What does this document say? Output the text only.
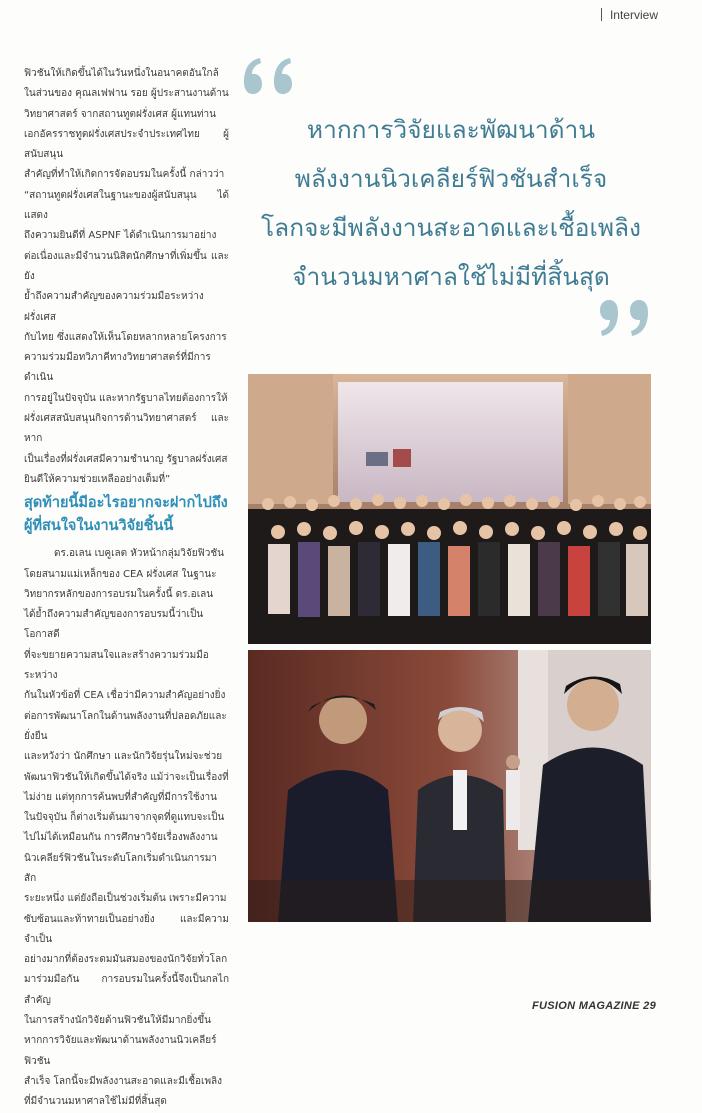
Interview

ฟิวชันให้เกิดขึ้นได้ในวันหนึ่งในอนาคตอันใกล้

ในส่วนของ คุณลเฟฟาน รอย ผู้ประสานงานด้าน

วิทยาศาสตร์ จากสถานทูตฝรั่งเศส ผู้แทนท่าน

เอกอัครราชทูตฝรั่งเศสประจำประเทศไทย ผู้สนับสนุน

สำคัญที่ทำให้เกิดการจัดอบรมในครั้งนี้ กล่าวว่า

“สถานทูตฝรั่งเศสในฐานะของผู้สนับสนุน ได้แสดง

ถึงความยินดีที่ ASPNF ได้ดำเนินการมาอย่าง

ต่อเนื่องและมีจำนวนนิสิตนักศึกษาที่เพิ่มขึ้น และยัง

ย้ำถึงความสำคัญของความร่วมมือระหว่างฝรั่งเศส

กับไทย ซึ่งแสดงให้เห็นโดยหลากหลายโครงการ

ความร่วมมือทวิภาคีทางวิทยาศาสตร์ที่มีการดำเนิน

การอยู่ในปัจจุบัน และหากรัฐบาลไทยต้องการให้

ฝรั่งเศสสนับสนุนกิจการด้านวิทยาศาสตร์ และหาก

เป็นเรื่องที่ฝรั่งเศสมีความชำนาญ รัฐบาลฝรั่งเศส

ยินดีให้ความช่วยเหลืออย่างเต็มที่”

สุดท้ายนี้มีอะไรอยากจะฝากไปถึง
ผู้ที่สนใจในงานวิจัยชิ้นนี้

ดร.อเลน เบคูเลต หัวหน้ากลุ่มวิจัยฟิวชัน

โดยสนามแม่เหล็กของ CEA ฝรั่งเศส ในฐานะ

วิทยากรหลักของการอบรมในครั้งนี้ ดร.อเลน

ได้ย้ำถึงความสำคัญของการอบรมนี้ว่าเป็นโอกาสดี

ที่จะขยายความสนใจและสร้างความร่วมมือระหว่าง

กันในหัวข้อที่ CEA เชื่อว่ามีความสำคัญอย่างยิ่ง

ต่อการพัฒนาโลกในด้านพลังงานที่ปลอดภัยและยั่งยืน

และหวังว่า นักศึกษา และนักวิจัยรุ่นใหม่จะช่วย

พัฒนาฟิวชันให้เกิดขึ้นได้จริง แม้ว่าจะเป็นเรื่องที่

ไม่ง่าย แต่ทุกการค้นพบที่สำคัญที่มีการใช้งาน

ในปัจจุบัน ก็ต่างเริ่มต้นมาจากจุดที่ดูแทบจะเป็น

ไปไม่ได้เหมือนกัน การศึกษาวิจัยเรื่องพลังงาน

นิวเคลียร์ฟิวชันในระดับโลกเริ่มดำเนินการมาสัก

ระยะหนึ่ง แต่ยังถือเป็นช่วงเริ่มต้น เพราะมีความ

ซับซ้อนและท้าทายเป็นอย่างยิ่ง และมีความจำเป็น

อย่างมากที่ต้องระดมมันสมองของนักวิจัยทั่วโลก

มาร่วมมือกัน การอบรมในครั้งนี้จึงเป็นกลไกสำคัญ

ในการสร้างนักวิจัยด้านฟิวชันให้มีมากยิ่งขึ้น

หากการวิจัยและพัฒนาด้านพลังงานนิวเคลียร์ฟิวชัน

สำเร็จ โลกนี้จะมีพลังงานสะอาดและมีเชื้อเพลิง

ที่มีจำนวนมหาศาลใช้ไม่มีที่สิ้นสุด

หากการวิจัยและพัฒนาด้าน
พลังงานนิวเคลียร์ฟิวชันสำเร็จ
โลกจะมีพลังงานสะอาดและเชื้อเพลิง
จำนวนมหาศาลใช้ไม่มีที่สิ้นสุด
FUSION MAGAZINE 29
